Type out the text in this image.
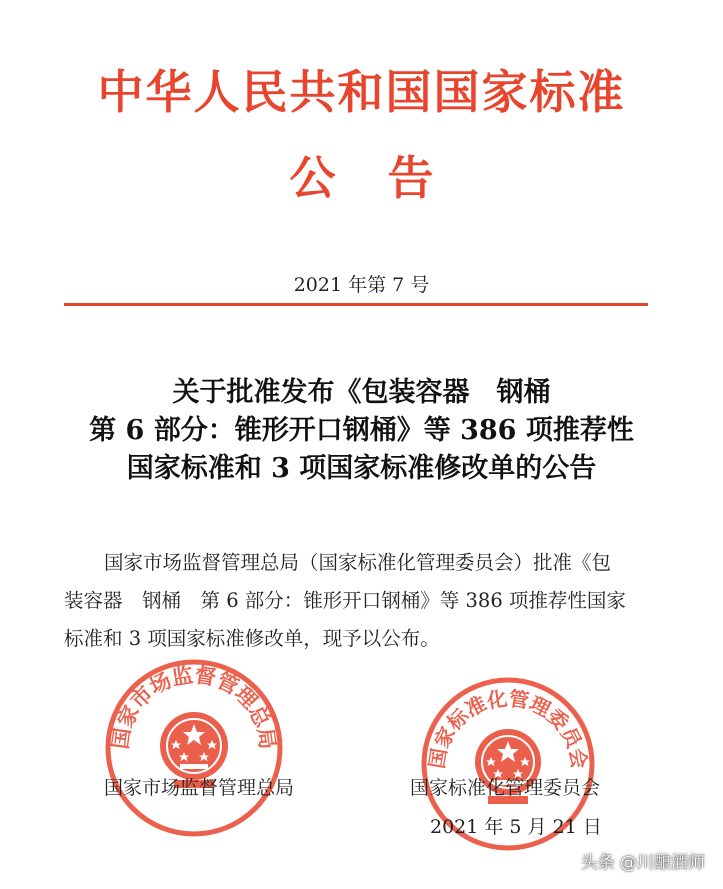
中华人民共和国国家标准
公告
2021 年第 7 号
关于批准发布《包装容器　钢桶
第 6 部分：锥形开口钢桶》等 386 项推荐性
国家标准和 3 项国家标准修改单的公告
国家市场监督管理总局（国家标准化管理委员会）批准《包
装容器　钢桶　第 6 部分：锥形开口钢桶》等 386 项推荐性国家
标准和 3 项国家标准修改单，现予以公布。
国家市场监督管理总局
国家标准化管理委员会
国家市场监督管理总局	国家标准化管理委员会
2021 年 5 月 21 日
头条 @川酿酒师
